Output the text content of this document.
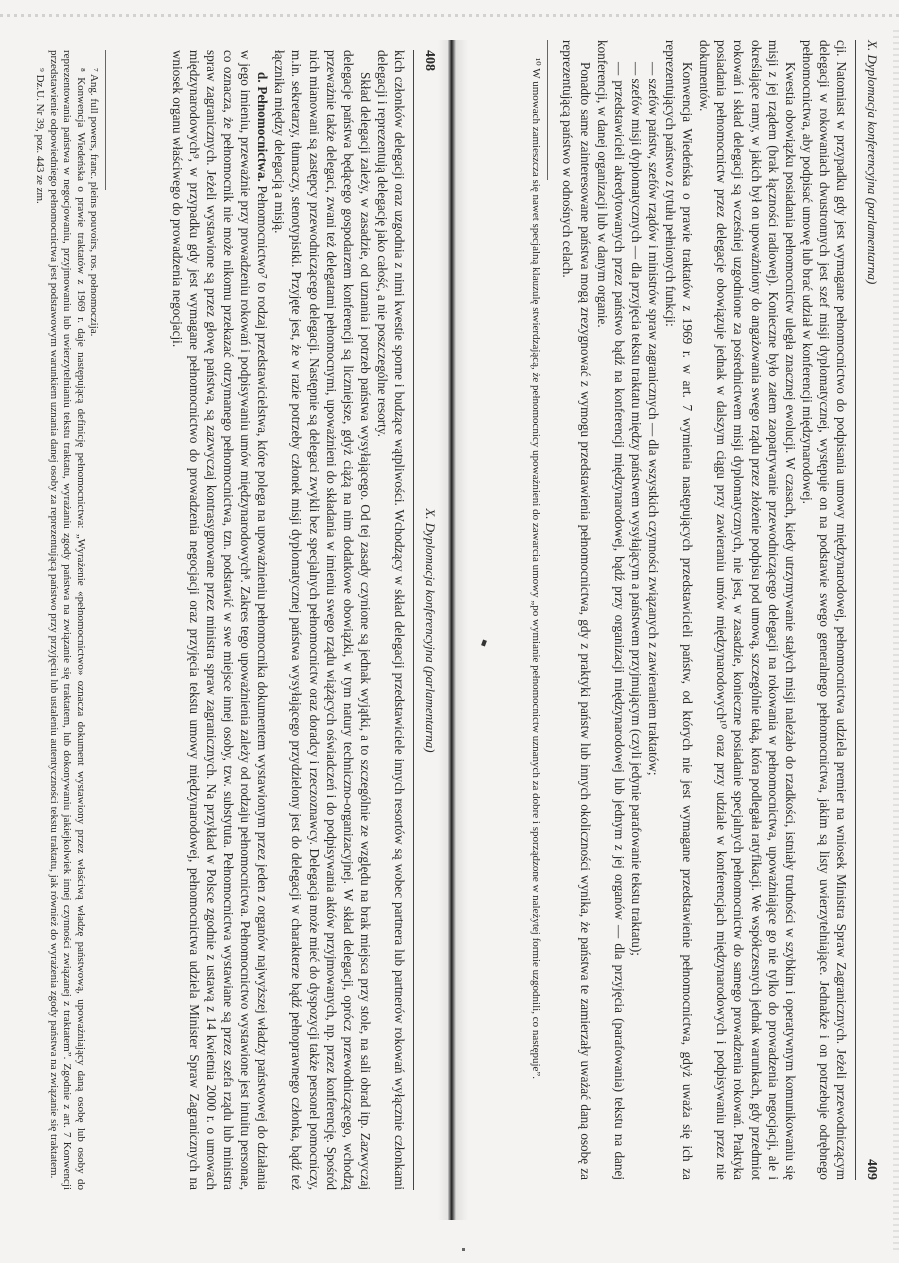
408
X. Dyplomacja konferencyjna (parlamentarna)

kich członków delegacji oraz uzgodnia z nimi kwestie sporne i budzące wątpliwości. Wchodzący w skład delegacji przedstawiciele innych resortów są wobec partnera lub partnerów rokowań wyłącznie członkami delegacji i reprezentują delegację jako całość, a nie poszczególne resorty.

Skład delegacji zależy, w zasadzie, od uznania i potrzeb państwa wysyłającego. Od tej zasady czynione są jednak wyjątki, a to szczególnie ze względu na brak miejsca przy stole, na sali obrad itp. Zazwyczaj delegacje państwa będącego gospodarzem konferencji są liczniejsze, gdyż ciążą na nim dodatkowe obowiązki, w tym natury techniczno-organizacyjnej. W skład delegacji, oprócz przewodniczącego, wchodzą przeważnie także delegaci, zwani też delegatami pełnomocnymi, upoważnieni do składania w imieniu swego rządu wiążących oświadczeń i do podpisywania aktów przyjmowanych, np. przez konferencję. Spośród nich mianowani są zastępcy przewodniczącego delegacji. Następnie są delegaci zwykli bez specjalnych pełnomocnictw oraz doradcy i rzeczoznawcy. Delegacja może mieć do dyspozycji także personel pomocniczy, m.in. sekretarzy, tłumaczy, stenotypistki. Przyjęte jest, że w razie potrzeby członek misji dyplomatycznej państwa wysyłającego przydzielony jest do delegacji w charakterze bądź pełnoprawnego członka, bądź też łącznika między delegacją a misją.

d. Pełnomocnictwa. Pełnomocnictwo⁷ to rodzaj przedstawicielstwa, które polega na upoważnieniu pełnomocnika dokumentem wystawionym przez jeden z organów najwyższej władzy państwowej do działania w jego imieniu, przeważnie przy prowadzeniu rokowań i podpisywaniu umów międzynarodowych⁸. Zakres tego upoważnienia zależy od rodzaju pełnomocnictwa. Pełnomocnictwo wystawione jest intuitu personae, co oznacza, że pełnomocnik nie może nikomu przekazać otrzymanego pełnomocnictwa, tzn. podstawić w swe miejsce innej osoby, tzw. substytuta. Pełnomocnictwa wystawiane są przez szefa rządu lub ministra spraw zagranicznych. Jeżeli wystawione są przez głowę państwa, są zazwyczaj kontrasygnowane przez ministra spraw zagranicznych. Na przykład w Polsce zgodnie z ustawą z 14 kwietnia 2000 r. o umowach międzynarodowych⁹, w przypadku gdy jest wymagane pełnomocnictwo do prowadzenia negocjacji oraz przyjęcia tekstu umowy międzynarodowej, pełnomocnictwa udziela Minister Spraw Zagranicznych na wniosek organu właściwego do prowadzenia negocjacji.

⁷ Ang. full powers, franc. pleins pouvoirs, ros. połnomoczija.

⁸ Konwencja Wiedeńska o prawie traktatów z 1969 r. daje następującą definicję pełnomocnictwa: „Wyrażenie «pełnomocnictwo» oznacza dokument wystawiony przez właściwą władzę państwową, upoważniający daną osobę lub osoby do reprezentowania państwa w negocjowaniu, przyjmowaniu lub uwierzytelnianiu tekstu traktatu, wyrażaniu zgody państwa na związanie się traktatem, lub dokonywaniu jakiejkolwiek innej czynności związanej z traktatem”. Zgodnie z art. 7 Konwencji przedstawienie odpowiedniego pełnomocnictwa jest podstawowym warunkiem uznania danej osoby za reprezentującą państwo przy przyjęciu lub ustaleniu autentyczności tekstu traktatu, jak również do wyrażenia zgody państwa na związanie się traktatem.

⁹ Dz.U. Nr 39, poz. 443 ze zm.	X. Dyplomacja konferencyjna (parlamentarna)
409

cji. Natomiast w przypadku gdy jest wymagane pełnomocnictwo do podpisania umowy międzynarodowej, pełnomocnictwa udziela premier na wniosek Ministra Spraw Zagranicznych. Jeżeli przewodniczącym delegacji w rokowaniach dwustronnych jest szef misji dyplomatycznej, występuje on na podstawie swego generalnego pełnomocnictwa, jakim są listy uwierzytelniające. Jednakże i on potrzebuje odrębnego pełnomocnictwa, aby podpisać umowę lub brać udział w konferencji międzynarodowej.

Kwestia obowiązku posiadania pełnomocnictw uległa znacznej ewolucji. W czasach, kiedy utrzymywanie stałych misji należało do rzadkości, istniały trudności w szybkim i operatywnym komunikowaniu się misji z jej rządem (brak łączności radiowej). Konieczne było zatem zaopatrywanie przewodniczącego delegacji na rokowania w pełnomocnictwa, upoważniające go nie tylko do prowadzenia negocjacji, ale i określające ramy, w jakich był on upoważniony do angażowania swego rządu przez złożenie podpisu pod umową, szczególnie taką, która podlegała ratyfikacji. We współczesnych jednak warunkach, gdy przedmiot rokowań i skład delegacji są wcześniej uzgodnione za pośrednictwem misji dyplomatycznych, nie jest, w zasadzie, konieczne posiadanie specjalnych pełnomocnictw do samego prowadzenia rokowań. Praktyka posiadania pełnomocnictw przez delegacje obowiązuje jednak w dalszym ciągu przy zawieraniu umów międzynarodowych¹⁰ oraz przy udziale w konferencjach międzynarodowych i podpisywaniu przez nie dokumentów.

Konwencja Wiedeńska o prawie traktatów z 1969 r. w art. 7 wymienia następujących przedstawicieli państw, od których nie jest wymagane przedstawienie pełnomocnictwa, gdyż uważa się ich za reprezentujących państwo z tytułu pełnionych funkcji:

— szefów państw, szefów rządów i ministrów spraw zagranicznych — dla wszystkich czynności związanych z zawieraniem traktatów;

— szefów misji dyplomatycznych — dla przyjęcia tekstu traktatu między państwem wysyłającym a państwem przyjmującym (czyli jedynie parafowanie tekstu traktatu);

— przedstawicieli akredytowanych przez państwo bądź na konferencji międzynarodowej, bądź przy organizacji międzynarodowej lub jednym z jej organów — dla przyjęcia (parafowania) tekstu na danej konferencji, w danej organizacji lub w danym organie.

Ponadto same zainteresowane państwa mogą zrezygnować z wymogu przedstawienia pełnomocnictwa, gdy z praktyki państw lub innych okoliczności wynika, że państwa te zamierzały uważać daną osobę za reprezentującą państwo w odnośnych celach.

¹⁰ W umowach zamieszcza się nawet specjalną klauzulę stwierdzającą, że pełnomocnicy upoważnieni do zawarcia umowy „po wymianie pełnomocnictw uznanych za dobre i sporządzone w należytej formie uzgodnili, co następuje”.
